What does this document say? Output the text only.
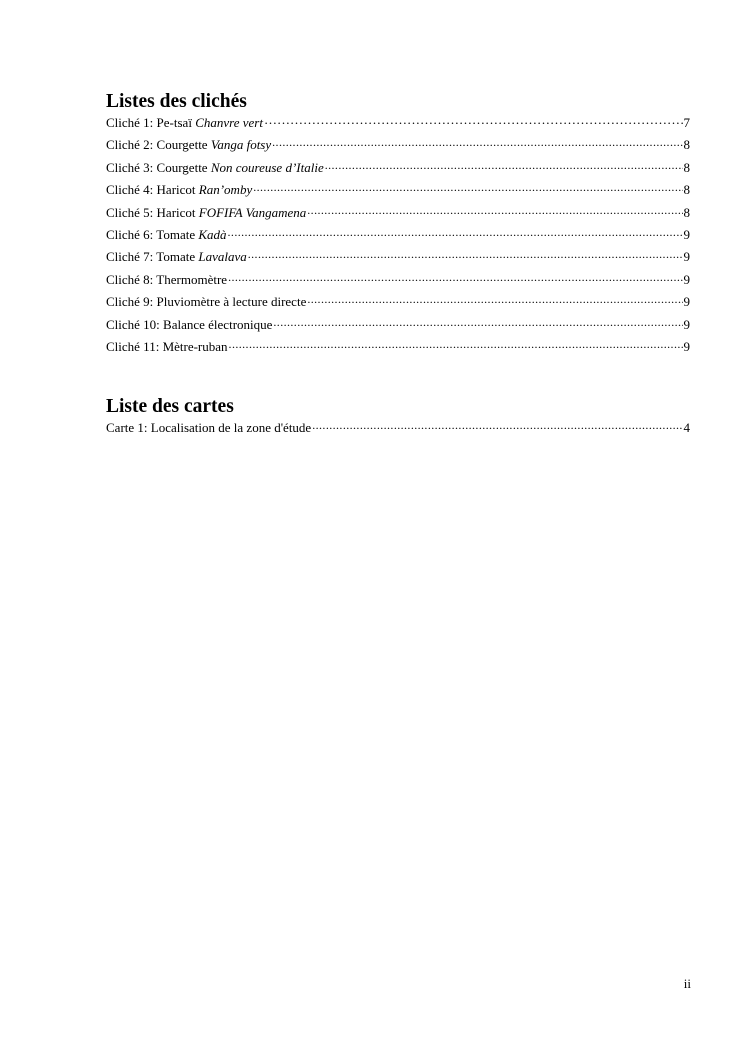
Listes des clichés
Cliché 1: Pe-tsaï Chanvre vert …………………………………………………………………………………………………………………………………………	7
Cliché 2: Courgette Vanga fotsy .....	8
Cliché 3: Courgette Non coureuse d’Italie .....	8
Cliché 4: Haricot Ran’omby .....	8
Cliché 5: Haricot FOFIFA Vangamena .....	8
Cliché 6: Tomate Kadà .....	9
Cliché 7: Tomate Lavalava .....	9
Cliché 8: Thermomètre .....	9
Cliché 9: Pluviomètre à lecture directe .....	9
Cliché 10: Balance électronique .....	9
Cliché 11: Mètre-ruban .....	9
Liste des cartes
Carte 1: Localisation de la zone d'étude .....	4
ii
